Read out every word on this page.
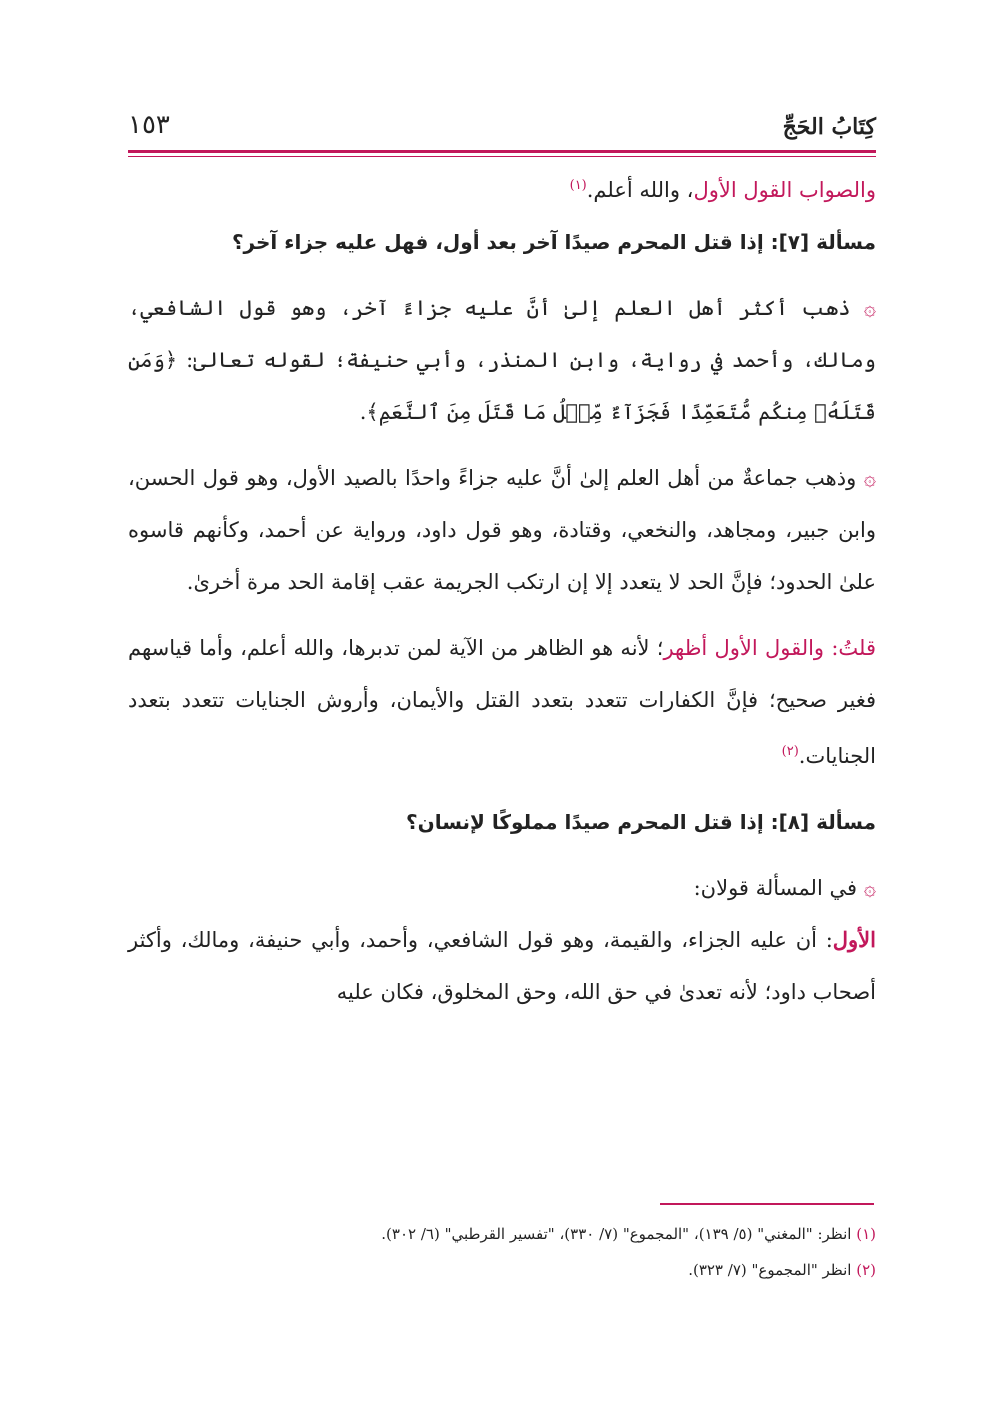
١٥٣	كِتَابُ الحَجِّ

والصواب القول الأول، والله أعلم.$^{(١)}$

مسألة [٧]: إذا قتل المحرم صيدًا آخر بعد أول، فهل عليه جزاء آخر؟

۞ ذهب أكثر أهل العلم إلىٰ أنَّ عليه جزاءً آخر، وهو قول الشافعي، ومالك، وأحمد في رواية، وابن المنذر، وأبي حنيفة؛ لقوله تعالىٰ: ﴿وَمَن قَتَلَهُۥ مِنكُم مُّتَعَمِّدًا فَجَزَآءٌ مِّثۡلُ مَا قَتَلَ مِنَ ٱلنَّعَمِ﴾.

۞ وذهب جماعةٌ من أهل العلم إلىٰ أنَّ عليه جزاءً واحدًا بالصيد الأول، وهو قول الحسن، وابن جبير، ومجاهد، والنخعي، وقتادة، وهو قول داود، ورواية عن أحمد، وكأنهم قاسوه علىٰ الحدود؛ فإنَّ الحد لا يتعدد إلا إن ارتكب الجريمة عقب إقامة الحد مرة أخرىٰ.

قلتُ: والقول الأول أظهر؛ لأنه هو الظاهر من الآية لمن تدبرها، والله أعلم، وأما قياسهم فغير صحيح؛ فإنَّ الكفارات تتعدد بتعدد القتل والأيمان، وأروش الجنايات تتعدد بتعدد الجنايات.$^{(٢)}$

مسألة [٨]: إذا قتل المحرم صيدًا مملوكًا لإنسان؟

۞ في المسألة قولان:

الأول: أن عليه الجزاء، والقيمة، وهو قول الشافعي، وأحمد، وأبي حنيفة، ومالك، وأكثر أصحاب داود؛ لأنه تعدىٰ في حق الله، وحق المخلوق، فكان عليه

(١) انظر: "المغني" (٥/ ١٣٩)، "المجموع" (٧/ ٣٣٠)، "تفسير القرطبي" (٦/ ٣٠٢).

(٢) انظر "المجموع" (٧/ ٣٢٣).
